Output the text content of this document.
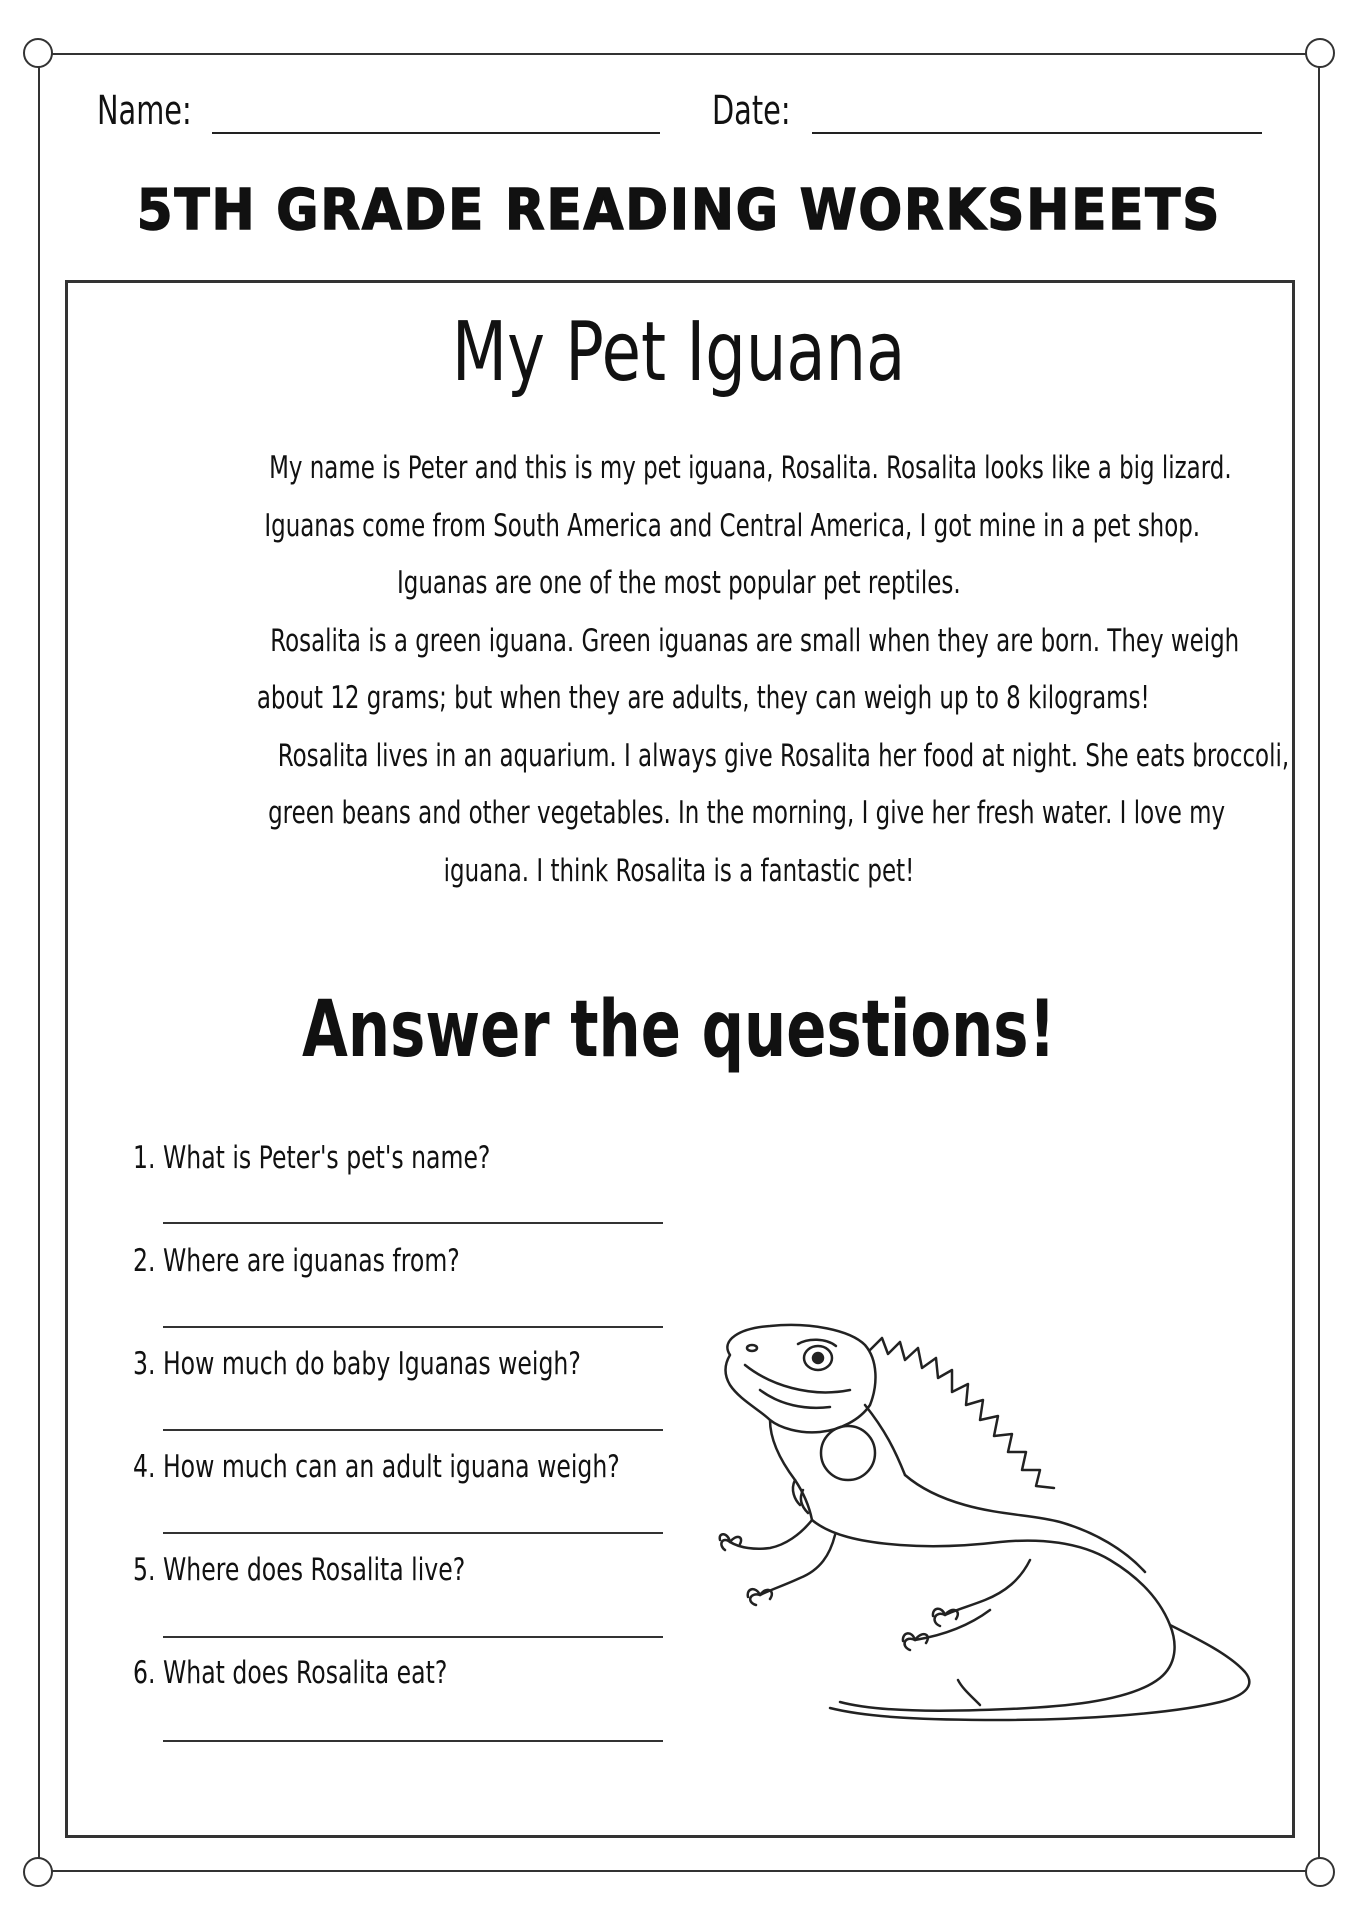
Name:	Date:
5TH GRADE READING WORKSHEETS
My Pet Iguana
My name is Peter and this is my pet iguana, Rosalita. Rosalita looks like a big lizard.
Iguanas come from South America and Central America, I got mine in a pet shop.
Iguanas are one of the most popular pet reptiles.
Rosalita is a green iguana. Green iguanas are small when they are born. They weigh
about 12 grams; but when they are adults, they can weigh up to 8 kilograms!
Rosalita lives in an aquarium. I always give Rosalita her food at night. She eats broccoli,
green beans and other vegetables. In the morning, I give her fresh water. I love my
iguana. I think Rosalita is a fantastic pet!
Answer the questions!
1. What is Peter's pet's name?
2. Where are iguanas from?
3. How much do baby Iguanas weigh?
4. How much can an adult iguana weigh?
5. Where does Rosalita live?
6. What does Rosalita eat?
